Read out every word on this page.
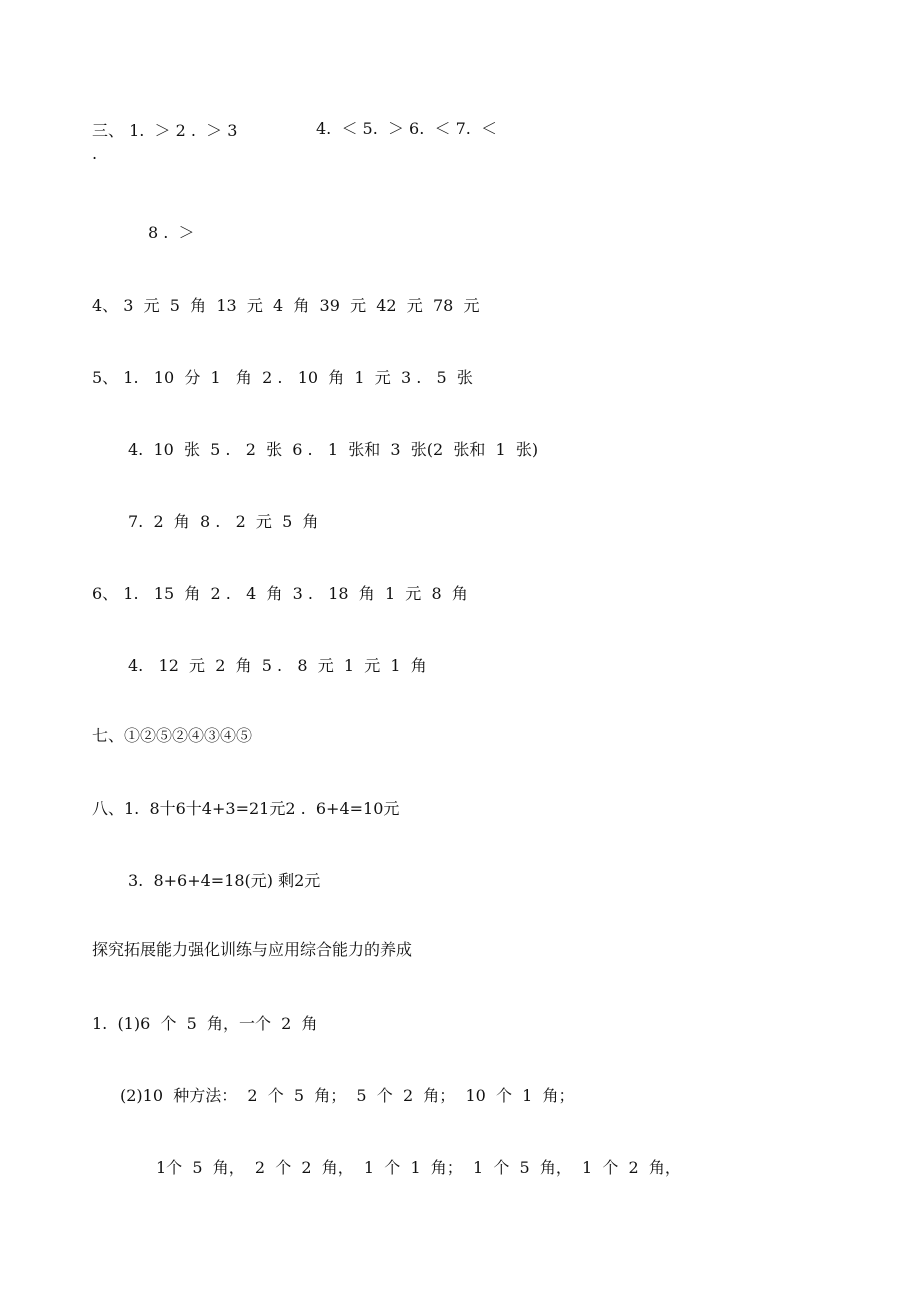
三、 1.  ＞ 2 .  ＞ 3	4.  ＜ 5.  ＞ 6.  ＜ 7.  ＜
.
8 .  ＞
4、 3  元  5  角  13  元  4  角  39  元  42  元  78  元
5、 1.   10  分  1   角  2 .   10  角  1  元  3 .   5  张
4.  10  张  5 .   2  张  6 .   1  张和  3  张(2  张和  1  张)
7.  2  角  8 .   2  元  5  角
6、 1.   15  角  2 .   4  角  3 .   18  角  1  元  8  角
4.   12  元  2  角  5 .   8  元  1  元  1  角
七、①②⑤②④③④⑤
八、1.  8十6十4+3=21元2 .  6+4=10元
3.  8+6+4=18(元) 剩2元
探究拓展能力强化训练与应用综合能力的养成
1.  (1)6  个  5  角，一个  2  角
(2)10  种方法：  2  个  5  角；  5  个  2  角；  10  个  1  角；
1个  5  角，  2  个  2  角，  1  个  1  角；  1  个  5  角，  1  个  2  角，
